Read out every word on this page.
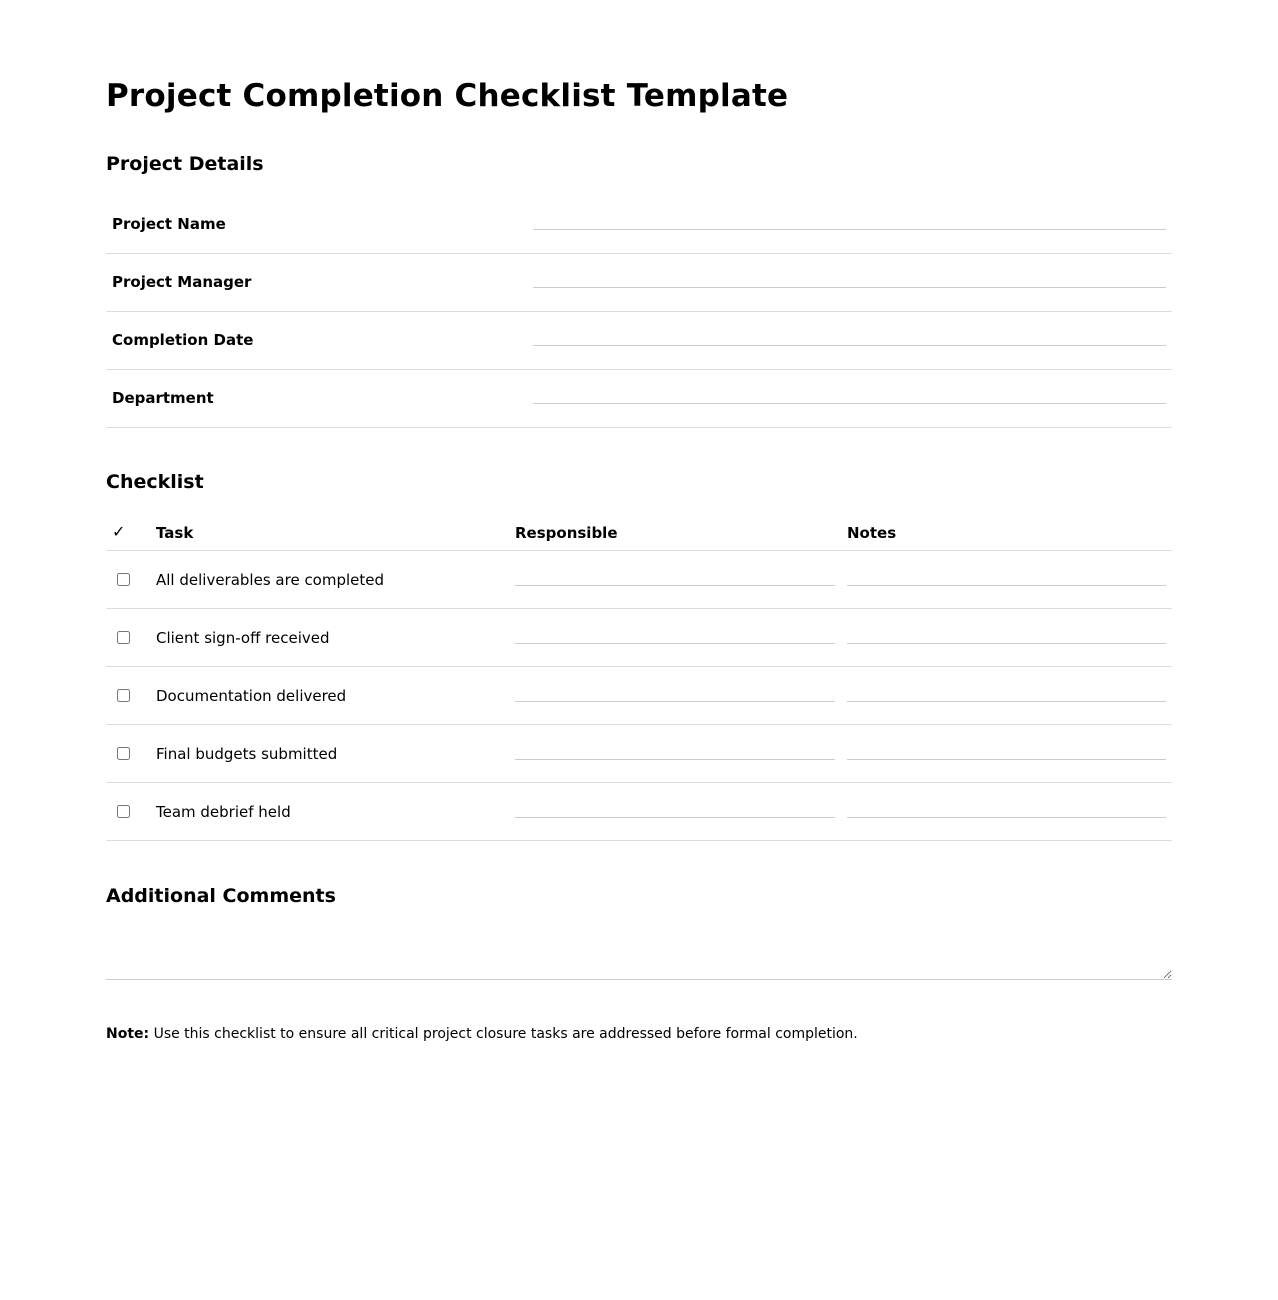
Project Completion Checklist Template
Project Details
Project Name
Project Manager
Completion Date
Department
Checklist
✓ Task	Responsible	Notes
All deliverables are completed
Client sign-off received
Documentation delivered
Final budgets submitted
Team debrief held
Additional Comments
Note: Use this checklist to ensure all critical project closure tasks are addressed before formal completion.
